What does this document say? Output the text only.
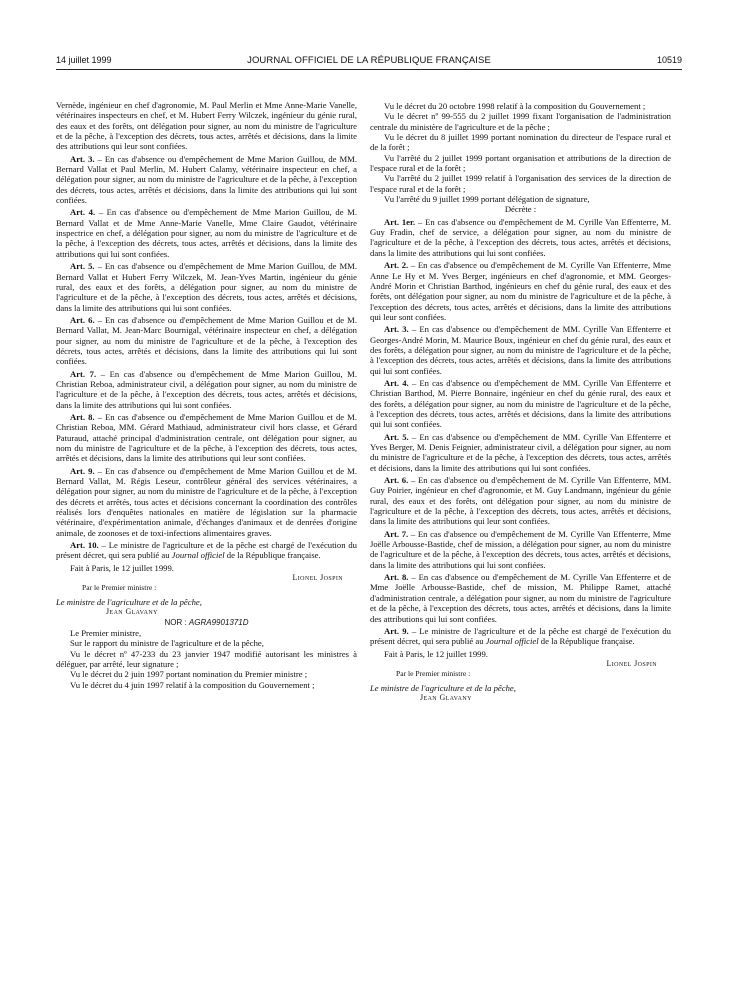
14 juillet 1999	JOURNAL OFFICIEL DE LA RÉPUBLIQUE FRANÇAISE	10519

Vernède, ingénieur en chef d'agronomie, M. Paul Merlin et Mme Anne-Marie Vanelle, vétérinaires inspecteurs en chef, et M. Hubert Ferry Wilczek, ingénieur du génie rural, des eaux et des forêts, ont délégation pour signer, au nom du ministre de l'agriculture et de la pêche, à l'exception des décrets, tous actes, arrêtés et décisions, dans la limite des attributions qui leur sont confiées.

Art. 3. – En cas d'absence ou d'empêchement de Mme Marion Guillou, de MM. Bernard Vallat et Paul Merlin, M. Hubert Calamy, vétérinaire inspecteur en chef, a délégation pour signer, au nom du ministre de l'agriculture et de la pêche, à l'exception des décrets, tous actes, arrêtés et décisions, dans la limite des attributions qui lui sont confiées.

Art. 4. – En cas d'absence ou d'empêchement de Mme Marion Guillou, de M. Bernard Vallat et de Mme Anne-Marie Vanelle, Mme Claire Gaudot, vétérinaire inspectrice en chef, a délégation pour signer, au nom du ministre de l'agriculture et de la pêche, à l'exception des décrets, tous actes, arrêtés et décisions, dans la limite des attributions qui lui sont confiées.

Art. 5. – En cas d'absence ou d'empêchement de Mme Marion Guillou, de MM. Bernard Vallat et Hubert Ferry Wilczek, M. Jean-Yves Martin, ingénieur du génie rural, des eaux et des forêts, a délégation pour signer, au nom du ministre de l'agriculture et de la pêche, à l'exception des décrets, tous actes, arrêtés et décisions, dans la limite des attributions qui lui sont confiées.

Art. 6. – En cas d'absence ou d'empêchement de Mme Marion Guillou et de M. Bernard Vallat, M. Jean-Marc Bournigal, vétérinaire inspecteur en chef, a délégation pour signer, au nom du ministre de l'agriculture et de la pêche, à l'exception des décrets, tous actes, arrêtés et décisions, dans la limite des attributions qui lui sont confiées.

Art. 7. – En cas d'absence ou d'empêchement de Mme Marion Guillou, M. Christian Reboa, administrateur civil, a délégation pour signer, au nom du ministre de l'agriculture et de la pêche, à l'exception des décrets, tous actes, arrêtés et décisions, dans la limite des attributions qui lui sont confiées.

Art. 8. – En cas d'absence ou d'empêchement de Mme Marion Guillou et de M. Christian Reboa, MM. Gérard Mathiaud, administrateur civil hors classe, et Gérard Paturaud, attaché principal d'administration centrale, ont délégation pour signer, au nom du ministre de l'agriculture et de la pêche, à l'exception des décrets, tous actes, arrêtés et décisions, dans la limite des attributions qui leur sont confiées.

Art. 9. – En cas d'absence ou d'empêchement de Mme Marion Guillou et de M. Bernard Vallat, M. Régis Leseur, contrôleur général des services vétérinaires, a délégation pour signer, au nom du ministre de l'agriculture et de la pêche, à l'exception des décrets et arrêtés, tous actes et décisions concernant la coordination des contrôles réalisés lors d'enquêtes nationales en matière de législation sur la pharmacie vétérinaire, d'expérimentation animale, d'échanges d'animaux et de denrées d'origine animale, de zoonoses et de toxi-infections alimentaires graves.

Art. 10. – Le ministre de l'agriculture et de la pêche est chargé de l'exécution du présent décret, qui sera publié au Journal officiel de la République française.

Fait à Paris, le 12 juillet 1999.

Lionel Jospin

Par le Premier ministre :

Le ministre de l'agriculture et de la pêche,

Jean Glavany

NOR : AGRA9901371D

Le Premier ministre,

Sur le rapport du ministre de l'agriculture et de la pêche,

Vu le décret nº 47-233 du 23 janvier 1947 modifié autorisant les ministres à déléguer, par arrêté, leur signature ;

Vu le décret du 2 juin 1997 portant nomination du Premier ministre ;

Vu le décret du 4 juin 1997 relatif à la composition du Gouvernement ;

Vu le décret du 20 octobre 1998 relatif à la composition du Gouvernement ;

Vu le décret nº 99-555 du 2 juillet 1999 fixant l'organisation de l'administration centrale du ministère de l'agriculture et de la pêche ;

Vu le décret du 8 juillet 1999 portant nomination du directeur de l'espace rural et de la forêt ;

Vu l'arrêté du 2 juillet 1999 portant organisation et attributions de la direction de l'espace rural et de la forêt ;

Vu l'arrêté du 2 juillet 1999 relatif à l'organisation des services de la direction de l'espace rural et de la forêt ;

Vu l'arrêté du 9 juillet 1999 portant délégation de signature,

Décrète :

Art. 1er. – En cas d'absence ou d'empêchement de M. Cyrille Van Effenterre, M. Guy Fradin, chef de service, a délégation pour signer, au nom du ministre de l'agriculture et de la pêche, à l'exception des décrets, tous actes, arrêtés et décisions, dans la limite des attributions qui lui sont confiées.

Art. 2. – En cas d'absence ou d'empêchement de M. Cyrille Van Effenterre, Mme Anne Le Hy et M. Yves Berger, ingénieurs en chef d'agronomie, et MM. Georges-André Morin et Christian Barthod, ingénieurs en chef du génie rural, des eaux et des forêts, ont délégation pour signer, au nom du ministre de l'agriculture et de la pêche, à l'exception des décrets, tous actes, arrêtés et décisions, dans la limite des attributions qui leur sont confiées.

Art. 3. – En cas d'absence ou d'empêchement de MM. Cyrille Van Effenterre et Georges-André Morin, M. Maurice Boux, ingénieur en chef du génie rural, des eaux et des forêts, a délégation pour signer, au nom du ministre de l'agriculture et de la pêche, à l'exception des décrets, tous actes, arrêtés et décisions, dans la limite des attributions qui lui sont confiées.

Art. 4. – En cas d'absence ou d'empêchement de MM. Cyrille Van Effenterre et Christian Barthod, M. Pierre Bonnaire, ingénieur en chef du génie rural, des eaux et des forêts, a délégation pour signer, au nom du ministre de l'agriculture et de la pêche, à l'exception des décrets, tous actes, arrêtés et décisions, dans la limite des attributions qui lui sont confiées.

Art. 5. – En cas d'absence ou d'empêchement de MM. Cyrille Van Effenterre et Yves Berger, M. Denis Feignier, administrateur civil, a délégation pour signer, au nom du ministre de l'agriculture et de la pêche, à l'exception des décrets, tous actes, arrêtés et décisions, dans la limite des attributions qui lui sont confiées.

Art. 6. – En cas d'absence ou d'empêchement de M. Cyrille Van Effenterre, MM. Guy Poirier, ingénieur en chef d'agronomie, et M. Guy Landmann, ingénieur du génie rural, des eaux et des forêts, ont délégation pour signer, au nom du ministre de l'agriculture et de la pêche, à l'exception des décrets, tous actes, arrêtés et décisions, dans la limite des attributions qui leur sont confiées.

Art. 7. – En cas d'absence ou d'empêchement de M. Cyrille Van Effenterre, Mme Joëlle Arbousse-Bastide, chef de mission, a délégation pour signer, au nom du ministre de l'agriculture et de la pêche, à l'exception des décrets, tous actes, arrêtés et décisions, dans la limite des attributions qui lui sont confiées.

Art. 8. – En cas d'absence ou d'empêchement de M. Cyrille Van Effenterre et de Mme Joëlle Arbousse-Bastide, chef de mission, M. Philippe Ramet, attaché d'administration centrale, a délégation pour signer, au nom du ministre de l'agriculture et de la pêche, à l'exception des décrets, tous actes, arrêtés et décisions, dans la limite des attributions qui lui sont confiées.

Art. 9. – Le ministre de l'agriculture et de la pêche est chargé de l'exécution du présent décret, qui sera publié au Journal officiel de la République française.

Fait à Paris, le 12 juillet 1999.

Lionel Jospin

Par le Premier ministre :

Le ministre de l'agriculture et de la pêche,

Jean Glavany
